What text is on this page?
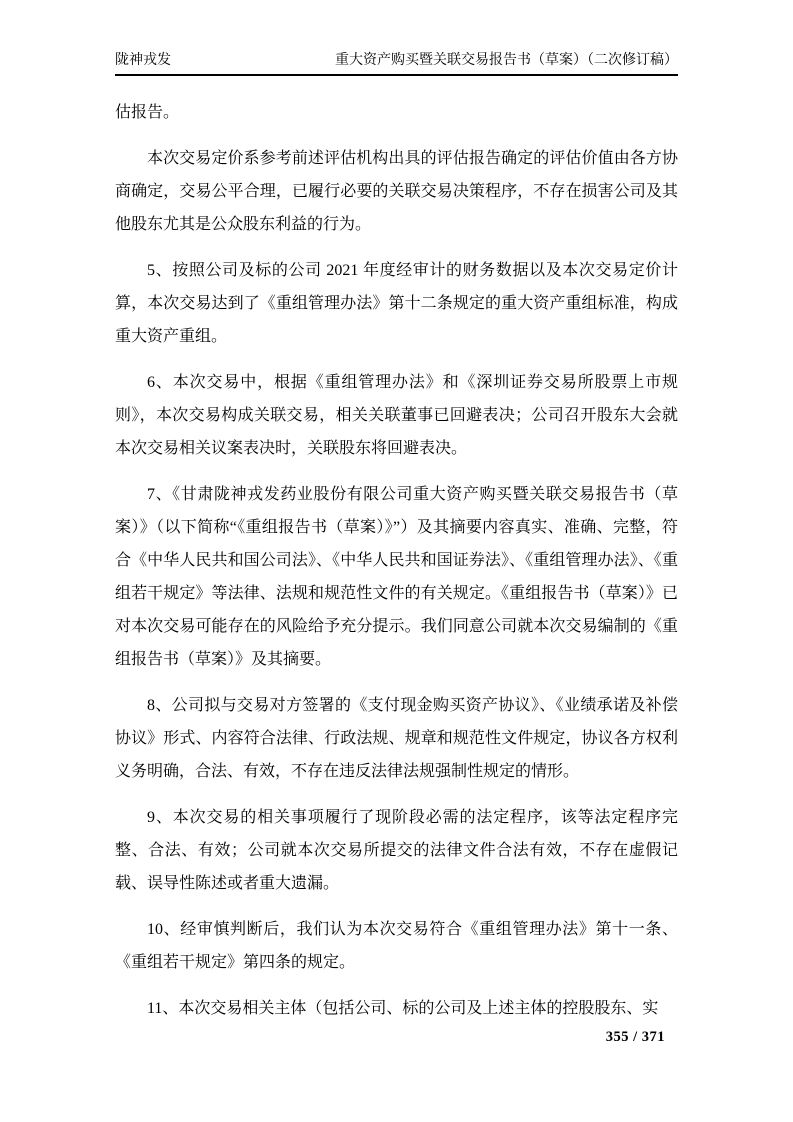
陇神戎发	重大资产购买暨关联交易报告书（草案）（二次修订稿）

估报告。

本次交易定价系参考前述评估机构出具的评估报告确定的评估价值由各方协商确定，交易公平合理，已履行必要的关联交易决策程序，不存在损害公司及其他股东尤其是公众股东利益的行为。

5、按照公司及标的公司 2021 年度经审计的财务数据以及本次交易定价计算，本次交易达到了《重组管理办法》第十二条规定的重大资产重组标准，构成重大资产重组。

6、本次交易中，根据《重组管理办法》和《深圳证券交易所股票上市规则》，本次交易构成关联交易，相关关联董事已回避表决；公司召开股东大会就本次交易相关议案表决时，关联股东将回避表决。

7、《甘肃陇神戎发药业股份有限公司重大资产购买暨关联交易报告书（草案）》（以下简称“《重组报告书（草案）》”）及其摘要内容真实、准确、完整，符合《中华人民共和国公司法》、《中华人民共和国证券法》、《重组管理办法》、《重组若干规定》等法律、法规和规范性文件的有关规定。《重组报告书（草案）》已对本次交易可能存在的风险给予充分提示。我们同意公司就本次交易编制的《重组报告书（草案）》及其摘要。

8、公司拟与交易对方签署的《支付现金购买资产协议》、《业绩承诺及补偿协议》形式、内容符合法律、行政法规、规章和规范性文件规定，协议各方权利义务明确，合法、有效，不存在违反法律法规强制性规定的情形。

9、本次交易的相关事项履行了现阶段必需的法定程序，该等法定程序完整、合法、有效；公司就本次交易所提交的法律文件合法有效，不存在虚假记载、误导性陈述或者重大遗漏。

10、经审慎判断后，我们认为本次交易符合《重组管理办法》第十一条、《重组若干规定》第四条的规定。

11、本次交易相关主体（包括公司、标的公司及上述主体的控股股东、实

355 / 371
